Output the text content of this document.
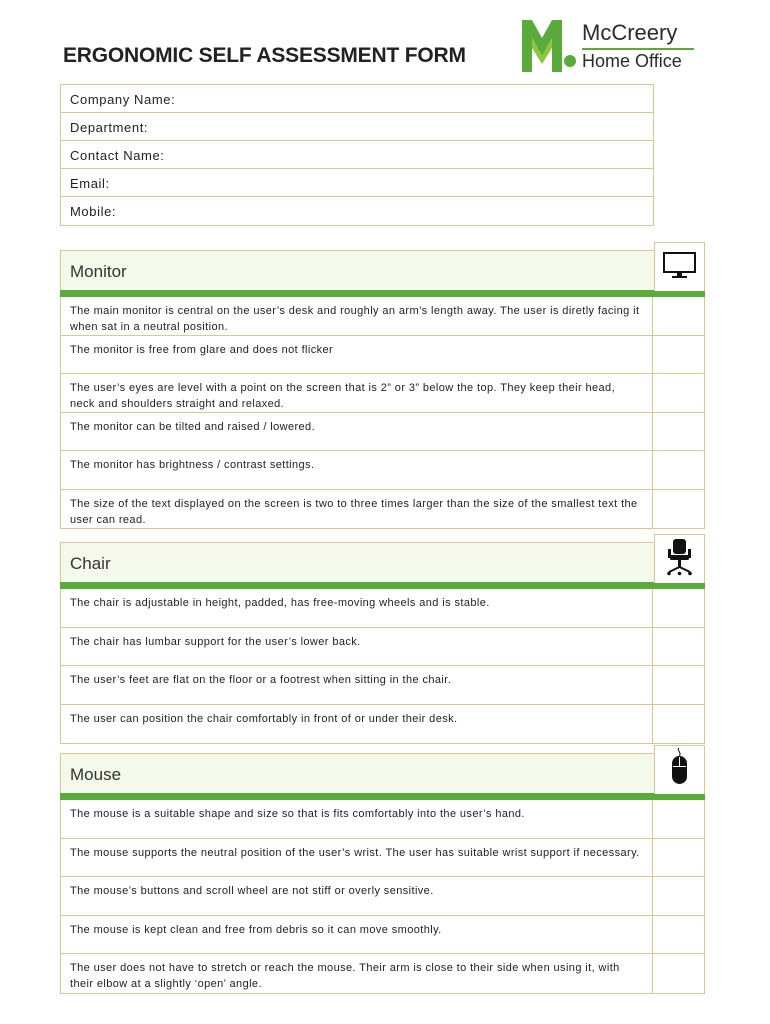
ERGONOMIC SELF ASSESSMENT FORM
McCreery
Home Office
Company Name:
Department:
Contact Name:
Email:
Mobile:
Monitor
The main monitor is central on the user’s desk and roughly an arm’s length away. The user is diretly facing it when sat in a neutral position.
The monitor is free from glare and does not flicker
The user’s eyes are level with a point on the screen that is 2” or 3” below the top. They keep their head, neck and shoulders straight and relaxed.
The monitor can be tilted and raised / lowered.
The monitor has brightness / contrast settings.
The size of the text displayed on the screen is two to three times larger than the size of the smallest text the user can read.
Chair
The chair is adjustable in height, padded, has free-moving wheels and is stable.
The chair has lumbar support for the user’s lower back.
The user’s feet are flat on the floor or a footrest when sitting in the chair.
The user can position the chair comfortably in front of or under their desk.
Mouse
The mouse is a suitable shape and size so that is fits comfortably into the user’s hand.
The mouse supports the neutral position of the user’s wrist. The user has suitable wrist support if necessary.
The mouse’s buttons and scroll wheel are not stiff or overly sensitive.
The mouse is kept clean and free from debris so it can move smoothly.
The user does not have to stretch or reach the mouse. Their arm is close to their side when using it, with their elbow at a slightly ‘open’ angle.
